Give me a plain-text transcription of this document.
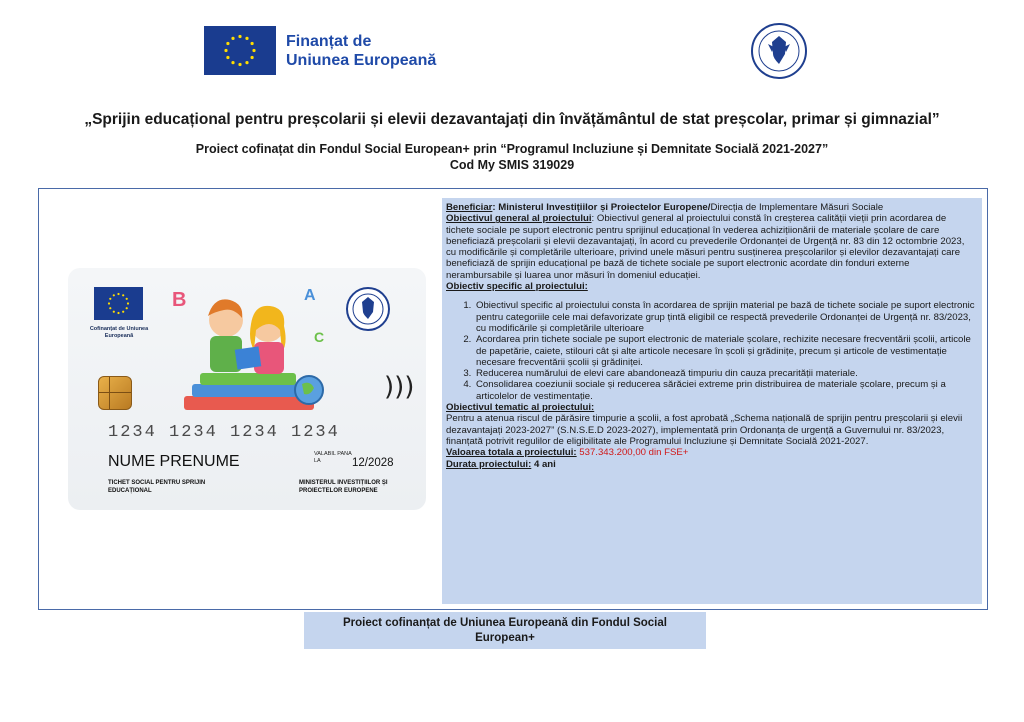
Finanțat de
Uniunea Europeană
„Sprijin educațional pentru preșcolarii și elevii dezavantajați din învățământul de stat preșcolar, primar și gimnazial”
Proiect cofinațat din Fondul Social European+ prin “Programul Incluziune și Demnitate Socială 2021-2027”
Cod My SMIS 319029
Cofinanțat de Uniunea Europeană
B	A
C
)))
1234 1234 1234 1234
NUME PRENUME	VALABIL PANA LA	12/2028
TICHET SOCIAL PENTRU SPRIJIN EDUCAȚIONAL
MINISTERUL INVESTIȚIILOR ȘI PROIECTELOR EUROPENE

Beneficiar: Ministerul Investițiilor și Proiectelor Europene/Direcția de Implementare Măsuri Sociale

Obiectivul general al proiectului: Obiectivul general al proiectului constă în creșterea calității vieții prin acordarea de tichete sociale pe suport electronic pentru sprijinul educațional în vederea achizițiionării de materiale școlare de care beneficiază preșcolarii și elevii dezavantajați, în acord cu prevederile Ordonanței de Urgență nr. 83 din 12 octombrie 2023, cu modificările și completările ulterioare, privind unele măsuri pentru susținerea preșcolarilor și elevilor dezavantajați care beneficiază de sprijin educațional pe bază de tichete sociale pe suport electronic acordate din fonduri externe nerambursabile și luarea unor măsuri în domeniul educației.

Obiectiv specific al proiectului:

1. Obiectivul specific al proiectului consta în acordarea de sprijin material pe bază de tichete sociale pe suport electronic pentru categoriile cele mai defavorizate grup țintă eligibil ce respectă prevederile Ordonanței de Urgență nr. 83/2023, cu modificările și completările ulterioare
2. Acordarea prin tichete sociale pe suport electronic de materiale școlare, rechizite necesare frecventării școlii, articole de papetărie, caiete, stilouri cât și alte articole necesare în școli și grădinițe, precum și articole de vestimentație necesare frecventării școlii și grădiniței.
3. Reducerea numărului de elevi care abandonează timpuriu din cauza precarității materiale.
4. Consolidarea coeziunii sociale și reducerea sărăciei extreme prin distribuirea de materiale școlare, precum și a articolelor de vestimentație.

Obiectivul tematic al proiectului:

Pentru a atenua riscul de părăsire timpurie a școlii, a fost aprobată „Schema națională de sprijin pentru preșcolarii și elevii dezavantajați 2023-2027” (S.N.S.E.D 2023-2027), implementată prin Ordonanța de urgență a Guvernului nr. 83/2023, finanțată potrivit regulilor de eligibilitate ale Programului Incluziune și Demnitate Socială 2021-2027.

Valoarea totala a proiectului: 537.343.200,00 din FSE+

Durata proiectului: 4 ani

Proiect cofinanțat de Uniunea Europeană din Fondul Social
European+
